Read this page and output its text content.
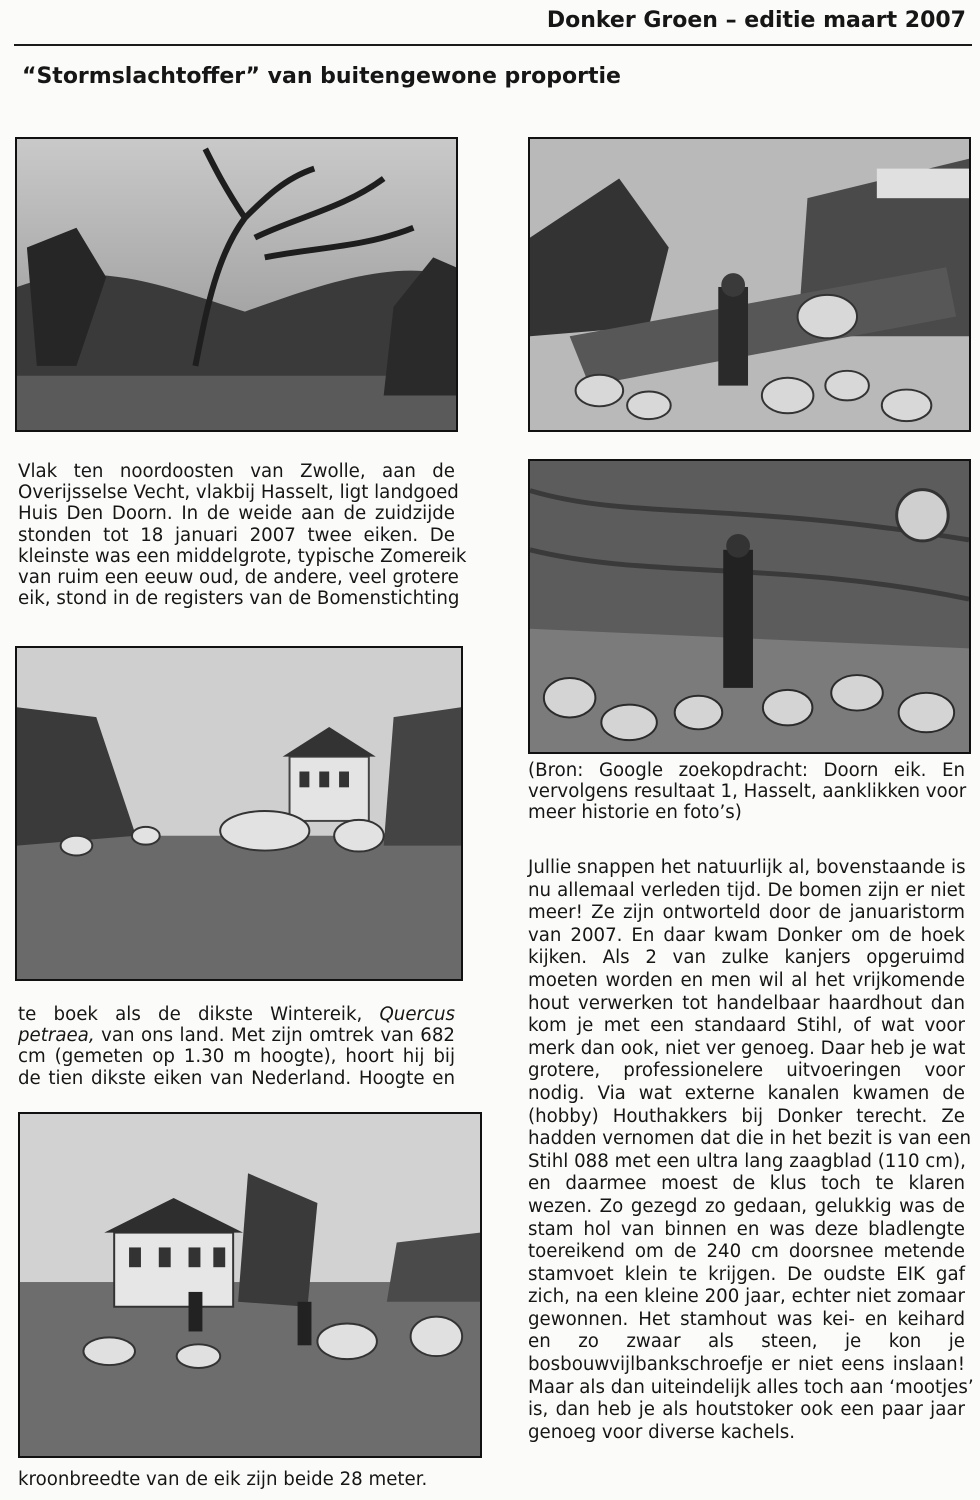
Donker Groen – editie maart 2007
“Stormslachtoffer” van buitengewone proportie
Vlak ten noordoosten van Zwolle, aan de
Overijsselse Vecht, vlakbij Hasselt, ligt landgoed
Huis Den Doorn. In de weide aan de zuidzijde
stonden tot 18 januari 2007 twee eiken. De
kleinste was een middelgrote, typische Zomereik
van ruim een eeuw oud, de andere, veel grotere
eik, stond in de registers van de Bomenstichting
te boek als de dikste Wintereik, Quercus
petraea, van ons land. Met zijn omtrek van 682
cm (gemeten op 1.30 m hoogte), hoort hij bij
de tien dikste eiken van Nederland. Hoogte en
kroonbreedte van de eik zijn beide 28 meter.
(Bron: Google zoekopdracht: Doorn eik. En
vervolgens resultaat 1, Hasselt, aanklikken voor
meer historie en foto’s)
Jullie snappen het natuurlijk al, bovenstaande is
nu allemaal verleden tijd. De bomen zijn er niet
meer! Ze zijn ontworteld door de januaristorm
van 2007. En daar kwam Donker om de hoek
kijken. Als 2 van zulke kanjers opgeruimd
moeten worden en men wil al het vrijkomende
hout verwerken tot handelbaar haardhout dan
kom je met een standaard Stihl, of wat voor
merk dan ook, niet ver genoeg. Daar heb je wat
grotere, professionelere uitvoeringen voor
nodig. Via wat externe kanalen kwamen de
(hobby) Houthakkers bij Donker terecht. Ze
hadden vernomen dat die in het bezit is van een
Stihl 088 met een ultra lang zaagblad (110 cm),
en daarmee moest de klus toch te klaren
wezen. Zo gezegd zo gedaan, gelukkig was de
stam hol van binnen en was deze bladlengte
toereikend om de 240 cm doorsnee metende
stamvoet klein te krijgen. De oudste EIK gaf
zich, na een kleine 200 jaar, echter niet zomaar
gewonnen. Het stamhout was kei- en keihard
en zo zwaar als steen, je kon je
bosbouwvijlbankschroefje er niet eens inslaan!
Maar als dan uiteindelijk alles toch aan ‘mootjes’
is, dan heb je als houtstoker ook een paar jaar
genoeg voor diverse kachels.
